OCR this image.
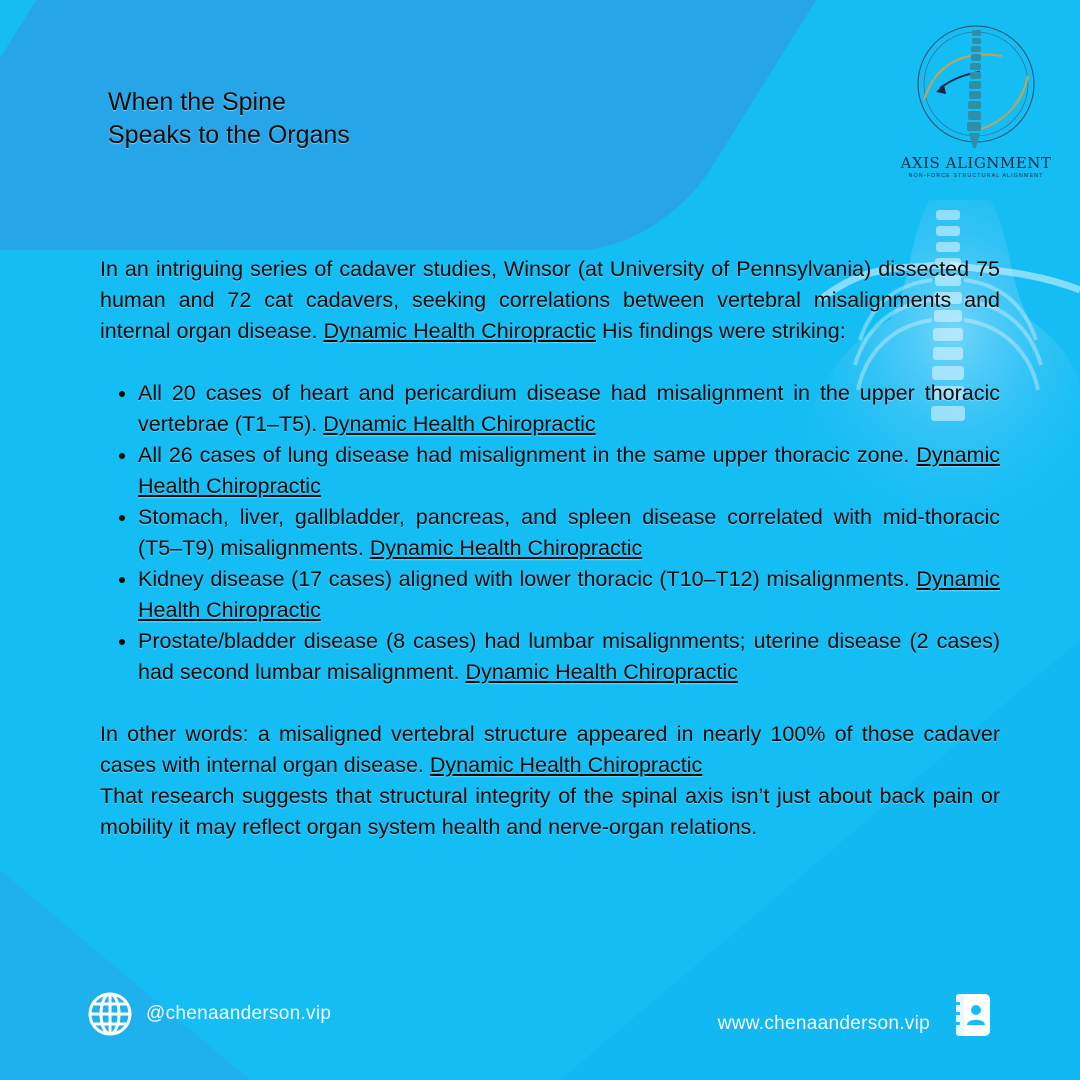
AXIS ALIGNMENT
NON-FORCE STRUCTURAL ALIGNMENT
When the Spine
Speaks to the Organs

In an intriguing series of cadaver studies, Winsor (at University of Pennsylvania) dissected 75 human and 72 cat cadavers, seeking correlations between vertebral misalignments and internal organ disease. Dynamic Health Chiropractic His findings were striking:

• All 20 cases of heart and pericardium disease had misalignment in the upper thoracic vertebrae (T1–T5). Dynamic Health Chiropractic
• All 26 cases of lung disease had misalignment in the same upper thoracic zone. Dynamic Health Chiropractic
• Stomach, liver, gallbladder, pancreas, and spleen disease correlated with mid-thoracic (T5–T9) misalignments. Dynamic Health Chiropractic
• Kidney disease (17 cases) aligned with lower thoracic (T10–T12) misalignments. Dynamic Health Chiropractic
• Prostate/bladder disease (8 cases) had lumbar misalignments; uterine disease (2 cases) had second lumbar misalignment. Dynamic Health Chiropractic

In other words: a misaligned vertebral structure appeared in nearly 100% of those cadaver cases with internal organ disease. Dynamic Health Chiropractic

That research suggests that structural integrity of the spinal axis isn’t just about back pain or mobility it may reflect organ system health and nerve-organ relations.

@chenaanderson.vip	www.chenaanderson.vip
